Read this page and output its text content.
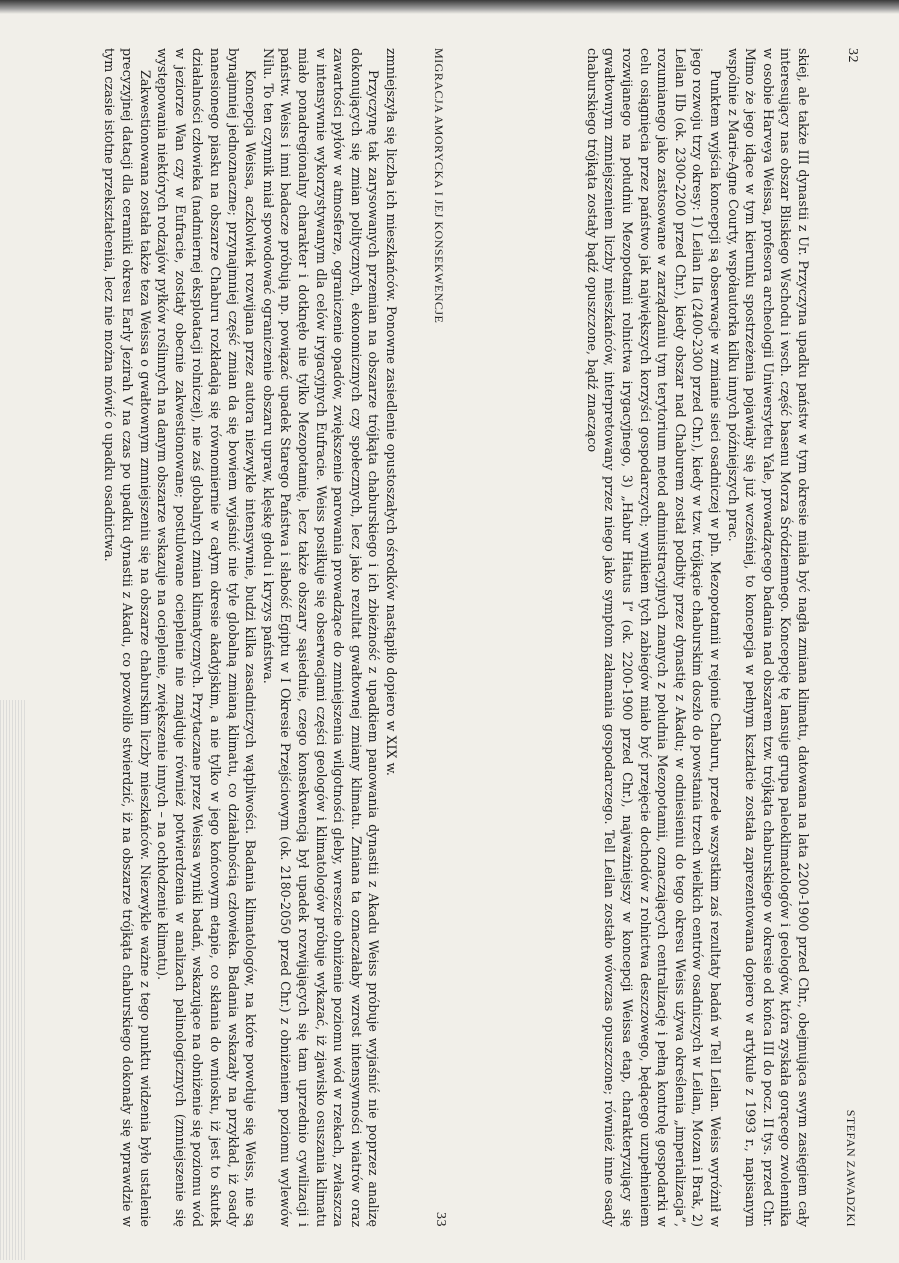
32
STEFAN ZAWADZKI

skiej, ale także III dynastii z Ur. Przyczyna upadku państw w tym okresie miała być nagła zmiana klimatu, datowana na lata 2200-1900 przed Chr., obejmująca swym zasięgiem cały interesujący nas obszar Bliskiego Wschodu i wsch. część basenu Morza Śródziemnego. Koncepcję tę lansuje grupa paleoklimatologów i geologów, która zyskała gorącego zwolennika w osobie Harveya Weissa, profesora archeologii Uniwersytetu Yale, prowadzącego badania nad obszarem tzw. trójkąta chaburskiego w okresie od końca III do pocz. II tys. przed Chr. Mimo że jego idące w tym kierunku spostrzeżenia pojawiały się już wcześniej, to koncepcja w pełnym kształcie została zaprezentowana dopiero w artykule z 1993 r., napisanym wspólnie z Marie-Agne Courty, współautorka kilku innych późniejszych prac.

Punktem wyjścia koncepcji są obserwacje w zmianie sieci osadniczej w pln. Mezopotamii w rejonie Chaburu, przede wszystkim zaś rezultaty badań w Tell Leilan. Weiss wyróżnił w jego rozwoju trzy okresy: 1) Leilan IIa (2400-2300 przed Chr.), kiedy w tzw. trójkącie chaburskim doszło do powstania trzech wielkich centrów osadniczych w Leilan, Mozan i Brak, 2) Leilan IIb (ok. 2300-2200 przed Chr.), kiedy obszar nad Chaburem został podbity przez dynastię z Akadu; w odniesieniu do tego okresu Weiss używa określenia „imperializacja”, rozumianego jako zastosowane w zarządzaniu tym terytorium metod administracyjnych znanych z południa Mezopotamii, oznaczających centralizację i pełną kontrolę gospodarki w celu osiągnięcia przez państwo jak największych korzyści gospodarczych; wynikiem tych zabiegów miało być przejęcie dochodów z rolnictwa deszczowego, będącego uzupełnieniem rozwijanego na południu Mezopotamii rolnictwa irygacyjnego, 3) „Habur Hiatus I” (ok. 2200-1900 przed Chr.), najważniejszy w koncepcji Weissa etap, charakteryzujący się gwałtownym zmniejszeniem liczby mieszkańców, interpretowany przez niego jako symptom załamania gospodarczego. Tell Leilan zostało wówczas opuszczone; również inne osady chaburskiego trójkąta zostały bądź opuszczone, bądź znacząco

MIGRACJA AMORYCKA I JEJ KONSEKWENCJE
33

zmniejszyła się liczba ich mieszkańców. Ponowne zasiedlenie opustoszałych ośrodków nastąpiło dopiero w XIX w.

Przyczynę tak zarysowanych przemian na obszarze trójkąta chaburskiego i ich zbieżność z upadkiem panowania dynastii z Akadu Weiss próbuje wyjaśnić nie poprzez analizę dokonujących się zmian politycznych, ekonomicznych czy społecznych, lecz jako rezultat gwałtownej zmiany klimatu. Zmiana ta oznaczałaby wzrost intensywności wiatrów oraz zawartości pyłów w atmosferze, ograniczenie opadów, zwiększenie parowania prowadzące do zmniejszenia wilgotności gleby, wreszcie obniżenie poziomu wód w rzekach, zwłaszcza w intensywnie wykorzystywanym dla celów irygacyjnych Eufracie. Weiss posiłkuje się obserwacjami części geologów i klimatologów próbuje wykazać, iż zjawisko osuszania klimatu miało ponadregionalny charakter i dotknęło nie tylko Mezopotamię, lecz także obszary sąsiednie, czego konsekwencją był upadek rozwijających się tam uprzednio cywilizacji i państw. Weiss i inni badacze próbują np. powiązać upadek Starego Państwa i słabość Egiptu w I Okresie Przejściowym (ok. 2180-2050 przed Chr.) z obniżeniem poziomu wylewów Nilu. To ten czynnik miał spowodować ograniczenie obszaru upraw, klęskę głodu i kryzys państwa.

Koncepcja Weissa, aczkolwiek rozwijana przez autora niezwykle intensywnie, budzi kilka zasadniczych wątpliwości. Badania klimatologów, na które powołuje się Weiss, nie są bynajmniej jednoznaczne; przynajmniej część zmian da się bowiem wyjaśnić nie tyle globalną zmianą klimatu, co działalnością człowieka. Badania wskazały na przykład, iż osady nanesionego piasku na obszarze Chaburu rozkładają się równomiernie w całym okresie akadyjskim, a nie tylko w jego końcowym etapie, co skłania do wniosku, iż jest to skutek działalności człowieka (nadmiernej eksploatacji rolniczej), nie zaś globalnych zmian klimatycznych. Przytaczane przez Weissa wyniki badań, wskazujące na obniżenie się poziomu wód w jeziorze Wan czy w Eufracie, zostały obecnie zakwestionowane; postulowane ocieplenie nie znajduje również potwierdzenia w analizach palinologicznych (zmniejszenie się występowania niektórych rodzajów pyłków roślinnych na danym obszarze wskazuje na ocieplenie, zwiększenie innych – na ochłodzenie klimatu).

Zakwestionowana została także teza Weissa o gwałtownym zmniejszeniu się na obszarze chaburskim liczby mieszkańców. Niezwykle ważne z tego punktu widzenia było ustalenie precyzyjnej datacji dla ceramiki okresu Early Jezirah V na czas po upadku dynastii z Akadu, co pozwoliło stwierdzić, iż na obszarze trójkąta chaburskiego dokonały się wprawdzie w tym czasie istotne przekształcenia, lecz nie można mówić o upadku osadnictwa.
